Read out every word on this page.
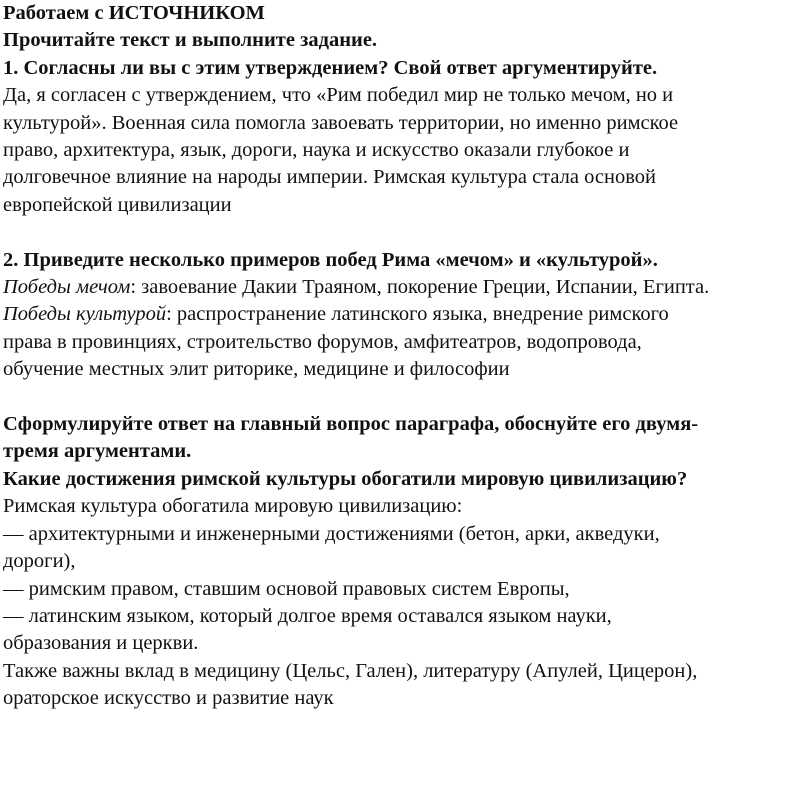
Работаем с ИСТОЧНИКОМ
Прочитайте текст и выполните задание.
1. Согласны ли вы с этим утверждением? Свой ответ аргументируйте.
Да, я согласен с утверждением, что «Рим победил мир не только мечом, но и
культурой». Военная сила помогла завоевать территории, но именно римское
право, архитектура, язык, дороги, наука и искусство оказали глубокое и
долговечное влияние на народы империи. Римская культура стала основой
европейской цивилизации
2. Приведите несколько примеров побед Рима «мечом» и «культурой».
Победы мечом: завоевание Дакии Траяном, покорение Греции, Испании, Египта.
Победы культурой: распространение латинского языка, внедрение римского
права в провинциях, строительство форумов, амфитеатров, водопровода,
обучение местных элит риторике, медицине и философии
Сформулируйте ответ на главный вопрос параграфа, обоснуйте его двумя-
тремя аргументами.
Какие достижения римской культуры обогатили мировую цивилизацию?
Римская культура обогатила мировую цивилизацию:
— архитектурными и инженерными достижениями (бетон, арки, акведуки,
дороги),
— римским правом, ставшим основой правовых систем Европы,
— латинским языком, который долгое время оставался языком науки,
образования и церкви.
Также важны вклад в медицину (Цельс, Гален), литературу (Апулей, Цицерон),
ораторское искусство и развитие наук
